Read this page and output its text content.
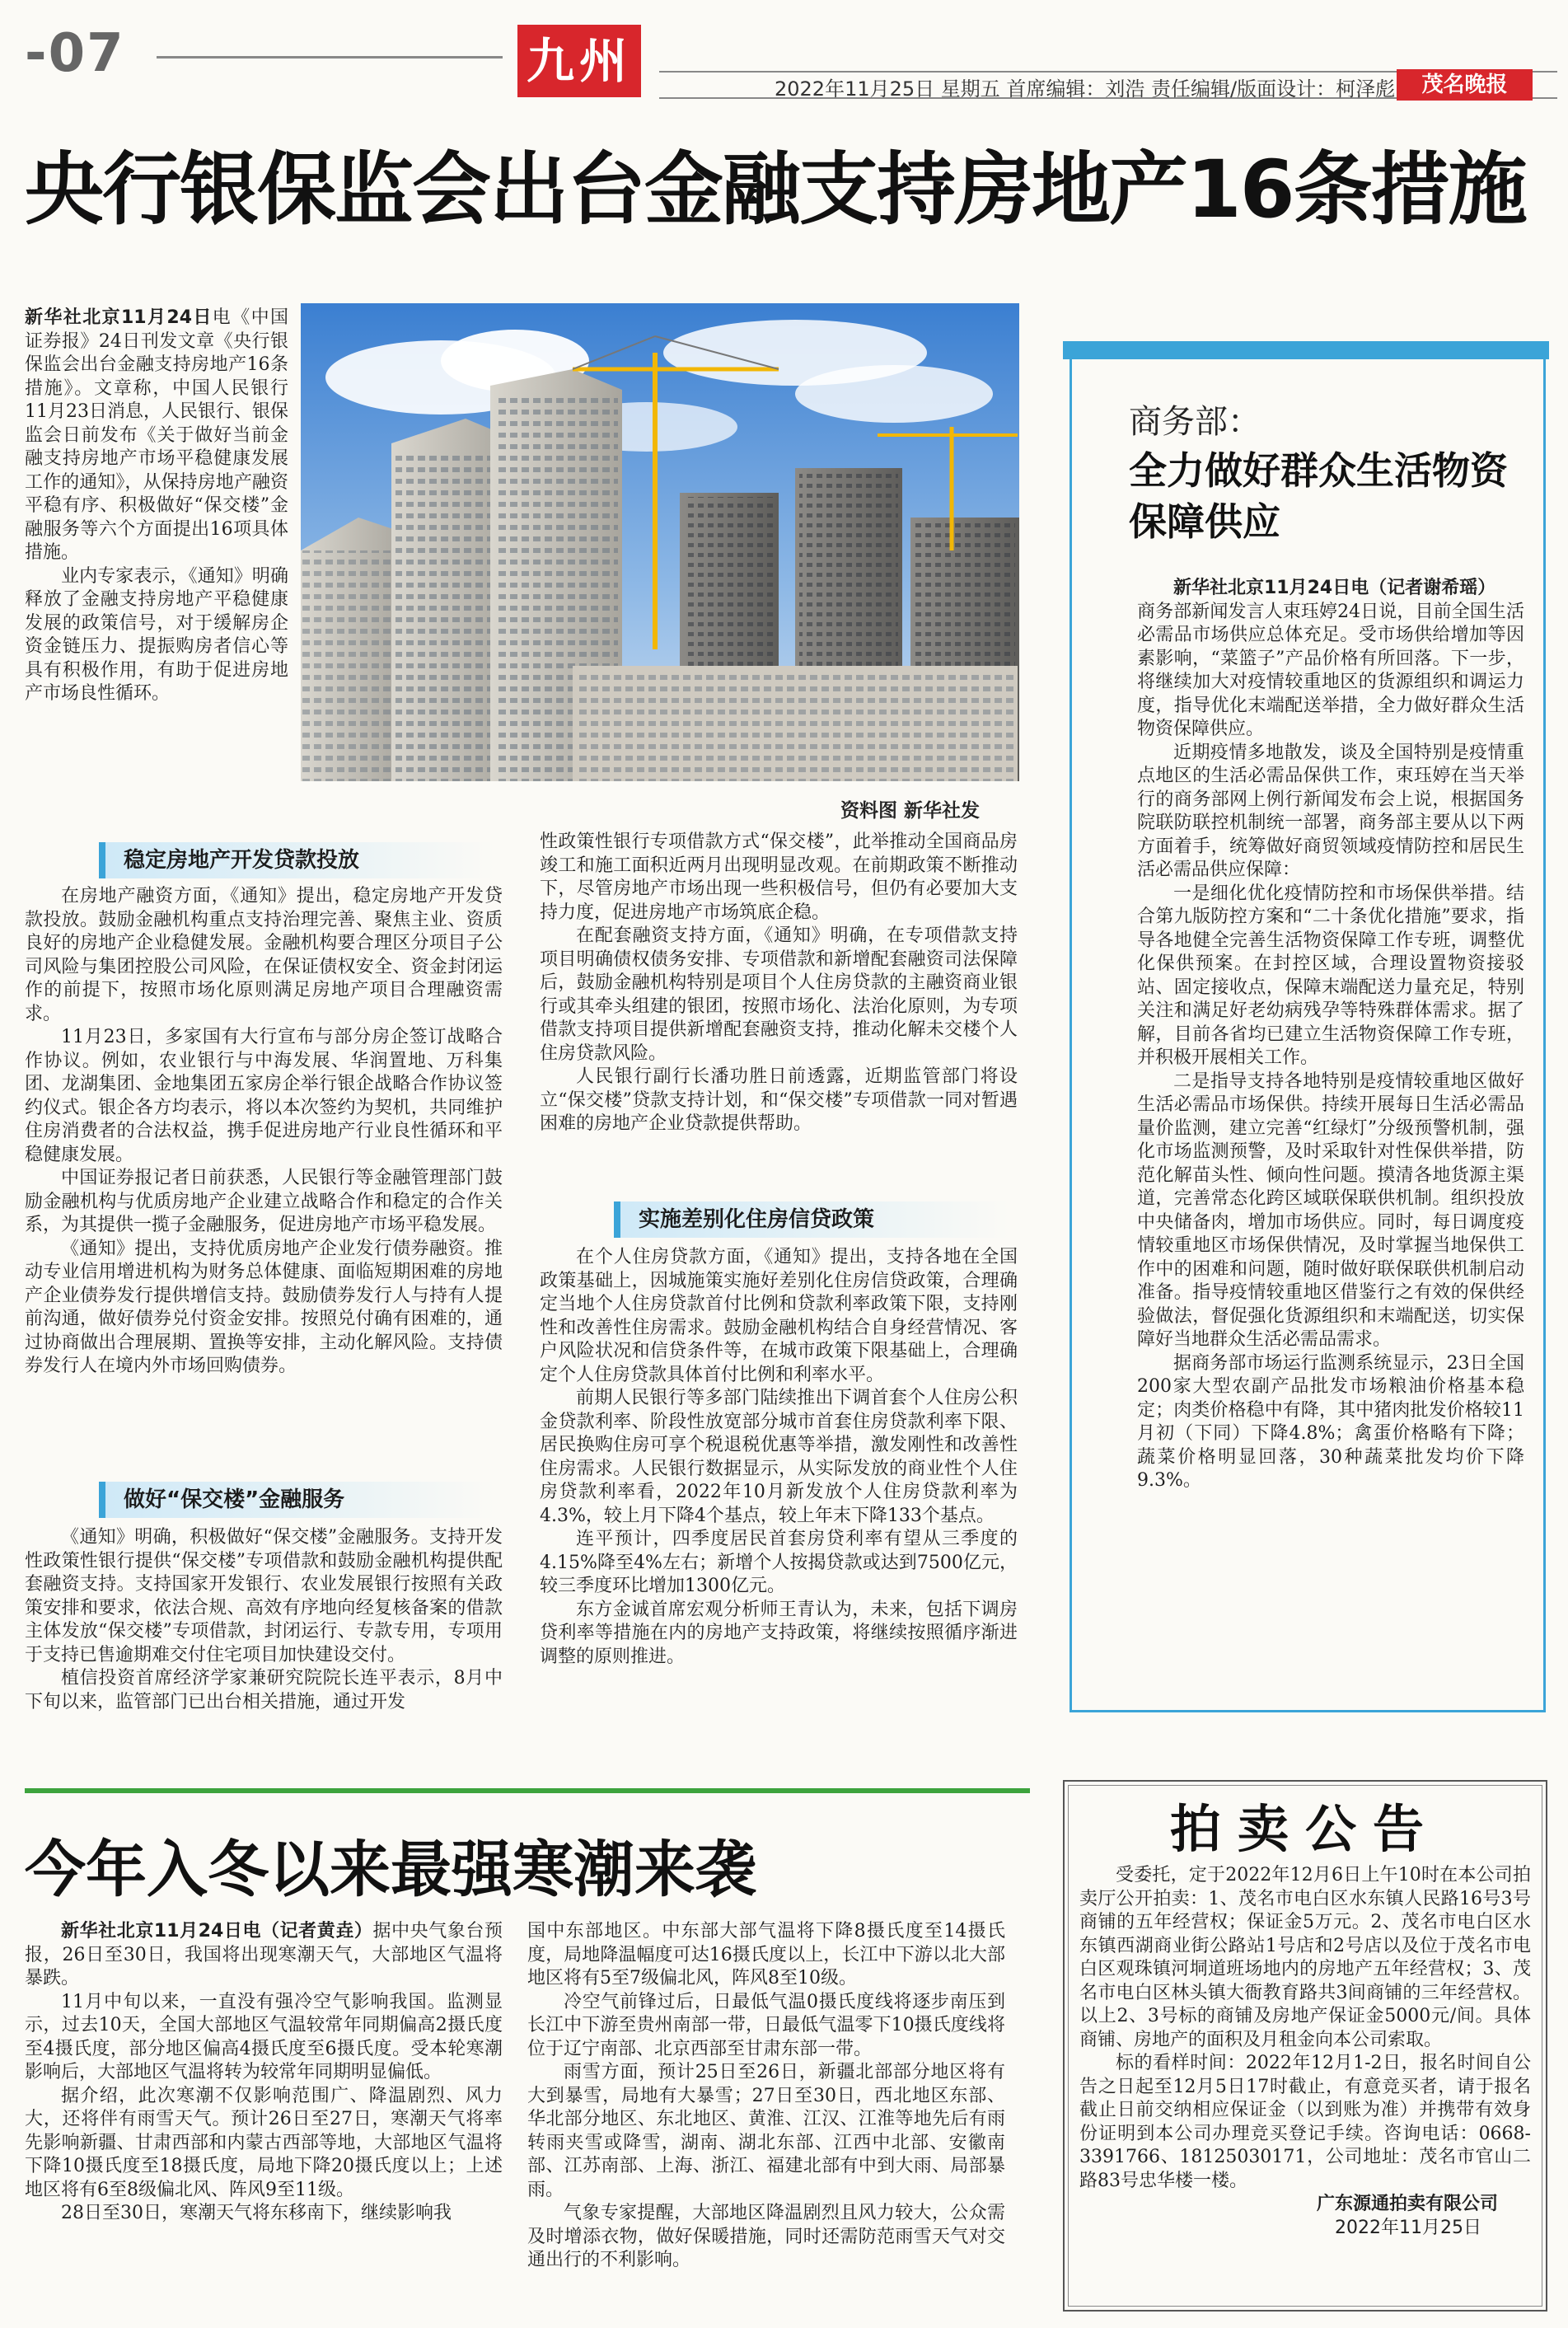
-07	九州	2022年11月25日 星期五 首席编辑：刘浩 责任编辑/版面设计：柯泽彪	茂名晚报
央行银保监会出台金融支持房地产16条措施

新华社北京11月24日电《中国证券报》24日刊发文章《央行银保监会出台金融支持房地产16条措施》。文章称，中国人民银行11月23日消息，人民银行、银保监会日前发布《关于做好当前金融支持房地产市场平稳健康发展工作的通知》，从保持房地产融资平稳有序、积极做好“保交楼”金融服务等六个方面提出16项具体措施。

业内专家表示，《通知》明确释放了金融支持房地产平稳健康发展的政策信号，对于缓解房企资金链压力、提振购房者信心等具有积极作用，有助于促进房地产市场良性循环。

资料图 新华社发
稳定房地产开发贷款投放

在房地产融资方面，《通知》提出，稳定房地产开发贷款投放。鼓励金融机构重点支持治理完善、聚焦主业、资质良好的房地产企业稳健发展。金融机构要合理区分项目子公司风险与集团控股公司风险，在保证债权安全、资金封闭运作的前提下，按照市场化原则满足房地产项目合理融资需求。

11月23日，多家国有大行宣布与部分房企签订战略合作协议。例如，农业银行与中海发展、华润置地、万科集团、龙湖集团、金地集团五家房企举行银企战略合作协议签约仪式。银企各方均表示，将以本次签约为契机，共同维护住房消费者的合法权益，携手促进房地产行业良性循环和平稳健康发展。

中国证券报记者日前获悉，人民银行等金融管理部门鼓励金融机构与优质房地产企业建立战略合作和稳定的合作关系，为其提供一揽子金融服务，促进房地产市场平稳发展。

《通知》提出，支持优质房地产企业发行债券融资。推动专业信用增进机构为财务总体健康、面临短期困难的房地产企业债券发行提供增信支持。鼓励债券发行人与持有人提前沟通，做好债券兑付资金安排。按照兑付确有困难的，通过协商做出合理展期、置换等安排，主动化解风险。支持债券发行人在境内外市场回购债券。

做好“保交楼”金融服务

《通知》明确，积极做好“保交楼”金融服务。支持开发性政策性银行提供“保交楼”专项借款和鼓励金融机构提供配套融资支持。支持国家开发银行、农业发展银行按照有关政策安排和要求，依法合规、高效有序地向经复核备案的借款主体发放“保交楼”专项借款，封闭运行、专款专用，专项用于支持已售逾期难交付住宅项目加快建设交付。

植信投资首席经济学家兼研究院院长连平表示，8月中下旬以来，监管部门已出台相关措施，通过开发

性政策性银行专项借款方式“保交楼”，此举推动全国商品房竣工和施工面积近两月出现明显改观。在前期政策不断推动下，尽管房地产市场出现一些积极信号，但仍有必要加大支持力度，促进房地产市场筑底企稳。

在配套融资支持方面，《通知》明确，在专项借款支持项目明确债权债务安排、专项借款和新增配套融资司法保障后，鼓励金融机构特别是项目个人住房贷款的主融资商业银行或其牵头组建的银团，按照市场化、法治化原则，为专项借款支持项目提供新增配套融资支持，推动化解未交楼个人住房贷款风险。

人民银行副行长潘功胜日前透露，近期监管部门将设立“保交楼”贷款支持计划，和“保交楼”专项借款一同对暂遇困难的房地产企业贷款提供帮助。

实施差别化住房信贷政策

在个人住房贷款方面，《通知》提出，支持各地在全国政策基础上，因城施策实施好差别化住房信贷政策，合理确定当地个人住房贷款首付比例和贷款利率政策下限，支持刚性和改善性住房需求。鼓励金融机构结合自身经营情况、客户风险状况和信贷条件等，在城市政策下限基础上，合理确定个人住房贷款具体首付比例和利率水平。

前期人民银行等多部门陆续推出下调首套个人住房公积金贷款利率、阶段性放宽部分城市首套住房贷款利率下限、居民换购住房可享个税退税优惠等举措，激发刚性和改善性住房需求。人民银行数据显示，从实际发放的商业性个人住房贷款利率看，2022年10月新发放个人住房贷款利率为4.3%，较上月下降4个基点，较上年末下降133个基点。

连平预计，四季度居民首套房贷利率有望从三季度的4.15%降至4%左右；新增个人按揭贷款或达到7500亿元，较三季度环比增加1300亿元。

东方金诚首席宏观分析师王青认为，未来，包括下调房贷利率等措施在内的房地产支持政策，将继续按照循序渐进调整的原则推进。

商务部：
全力做好群众生活物资保障供应

新华社北京11月24日电（记者谢希瑶）

商务部新闻发言人束珏婷24日说，目前全国生活必需品市场供应总体充足。受市场供给增加等因素影响，“菜篮子”产品价格有所回落。下一步，将继续加大对疫情较重地区的货源组织和调运力度，指导优化末端配送举措，全力做好群众生活物资保障供应。

近期疫情多地散发，谈及全国特别是疫情重点地区的生活必需品保供工作，束珏婷在当天举行的商务部网上例行新闻发布会上说，根据国务院联防联控机制统一部署，商务部主要从以下两方面着手，统筹做好商贸领域疫情防控和居民生活必需品供应保障：

一是细化优化疫情防控和市场保供举措。结合第九版防控方案和“二十条优化措施”要求，指导各地健全完善生活物资保障工作专班，调整优化保供预案。在封控区域，合理设置物资接驳站、固定接收点，保障末端配送力量充足，特别关注和满足好老幼病残孕等特殊群体需求。据了解，目前各省均已建立生活物资保障工作专班，并积极开展相关工作。

二是指导支持各地特别是疫情较重地区做好生活必需品市场保供。持续开展每日生活必需品量价监测，建立完善“红绿灯”分级预警机制，强化市场监测预警，及时采取针对性保供举措，防范化解苗头性、倾向性问题。摸清各地货源主渠道，完善常态化跨区域联保联供机制。组织投放中央储备肉，增加市场供应。同时，每日调度疫情较重地区市场保供情况，及时掌握当地保供工作中的困难和问题，随时做好联保联供机制启动准备。指导疫情较重地区借鉴行之有效的保供经验做法，督促强化货源组织和末端配送，切实保障好当地群众生活必需品需求。

据商务部市场运行监测系统显示，23日全国200家大型农副产品批发市场粮油价格基本稳定；肉类价格稳中有降，其中猪肉批发价格较11月初（下同）下降4.8%；禽蛋价格略有下降；蔬菜价格明显回落，30种蔬菜批发均价下降9.3%。

今年入冬以来最强寒潮来袭

新华社北京11月24日电（记者黄垚）据中央气象台预报，26日至30日，我国将出现寒潮天气，大部地区气温将暴跌。

11月中旬以来，一直没有强冷空气影响我国。监测显示，过去10天，全国大部地区气温较常年同期偏高2摄氏度至4摄氏度，部分地区偏高4摄氏度至6摄氏度。受本轮寒潮影响后，大部地区气温将转为较常年同期明显偏低。

据介绍，此次寒潮不仅影响范围广、降温剧烈、风力大，还将伴有雨雪天气。预计26日至27日，寒潮天气将率先影响新疆、甘肃西部和内蒙古西部等地，大部地区气温将下降10摄氏度至18摄氏度，局地下降20摄氏度以上；上述地区将有6至8级偏北风、阵风9至11级。

28日至30日，寒潮天气将东移南下，继续影响我

国中东部地区。中东部大部气温将下降8摄氏度至14摄氏度，局地降温幅度可达16摄氏度以上，长江中下游以北大部地区将有5至7级偏北风，阵风8至10级。

冷空气前锋过后，日最低气温0摄氏度线将逐步南压到长江中下游至贵州南部一带，日最低气温零下10摄氏度线将位于辽宁南部、北京西部至甘肃东部一带。

雨雪方面，预计25日至26日，新疆北部部分地区将有大到暴雪，局地有大暴雪；27日至30日，西北地区东部、华北部分地区、东北地区、黄淮、江汉、江淮等地先后有雨转雨夹雪或降雪，湖南、湖北东部、江西中北部、安徽南部、江苏南部、上海、浙江、福建北部有中到大雨、局部暴雨。

气象专家提醒，大部地区降温剧烈且风力较大，公众需及时增添衣物，做好保暖措施，同时还需防范雨雪天气对交通出行的不利影响。

拍卖公告

受委托，定于2022年12月6日上午10时在本公司拍卖厅公开拍卖：1、茂名市电白区水东镇人民路16号3号商铺的五年经营权；保证金5万元。2、茂名市电白区水东镇西湖商业街公路站1号店和2号店以及位于茂名市电白区观珠镇河垌道班场地内的房地产五年经营权；3、茂名市电白区林头镇大衙教育路共3间商铺的三年经营权。以上2、3号标的商铺及房地产保证金5000元/间。具体商铺、房地产的面积及月租金向本公司索取。

标的看样时间：2022年12月1-2日，报名时间自公告之日起至12月5日17时截止，有意竞买者，请于报名截止日前交纳相应保证金（以到账为准）并携带有效身份证明到本公司办理竞买登记手续。咨询电话：0668-3391766、18125030171，公司地址：茂名市官山二路83号忠华楼一楼。

广东源通拍卖有限公司

2022年11月25日
